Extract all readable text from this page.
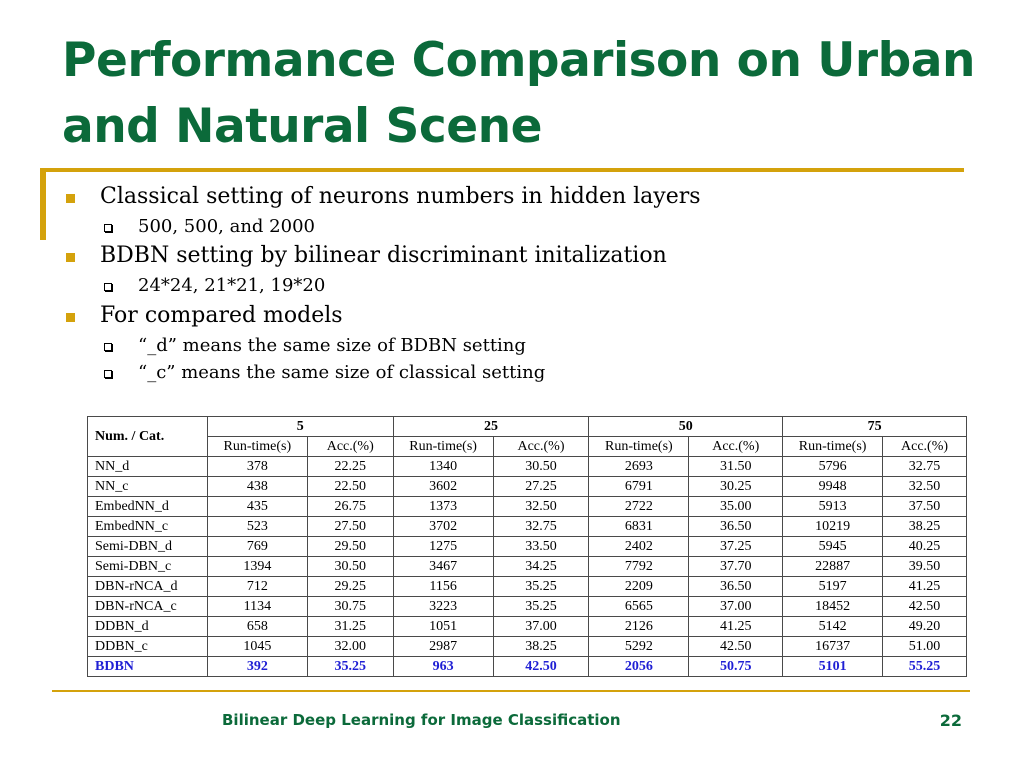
Performance Comparison on Urban
and Natural Scene
Classical setting of neurons numbers in hidden layers
500, 500, and 2000
BDBN setting by bilinear discriminant initalization
24*24, 21*21, 19*20
For compared models
“_d” means the same size of BDBN setting
“_c” means the same size of classical setting
Num. / Cat.	5		25		50		75	
	Run-time(s)	Acc.(%)	Run-time(s)	Acc.(%)	Run-time(s)	Acc.(%)	Run-time(s)	Acc.(%)
NN_d	378	22.25	1340	30.50	2693	31.50	5796	32.75
NN_c	438	22.50	3602	27.25	6791	30.25	9948	32.50
EmbedNN_d	435	26.75	1373	32.50	2722	35.00	5913	37.50
EmbedNN_c	523	27.50	3702	32.75	6831	36.50	10219	38.25
Semi-DBN_d	769	29.50	1275	33.50	2402	37.25	5945	40.25
Semi-DBN_c	1394	30.50	3467	34.25	7792	37.70	22887	39.50
DBN-rNCA_d	712	29.25	1156	35.25	2209	36.50	5197	41.25
DBN-rNCA_c	1134	30.75	3223	35.25	6565	37.00	18452	42.50
DDBN_d	658	31.25	1051	37.00	2126	41.25	5142	49.20
DDBN_c	1045	32.00	2987	38.25	5292	42.50	16737	51.00
BDBN	392	35.25	963	42.50	2056	50.75	5101	55.25
Bilinear Deep Learning for Image Classification	22
